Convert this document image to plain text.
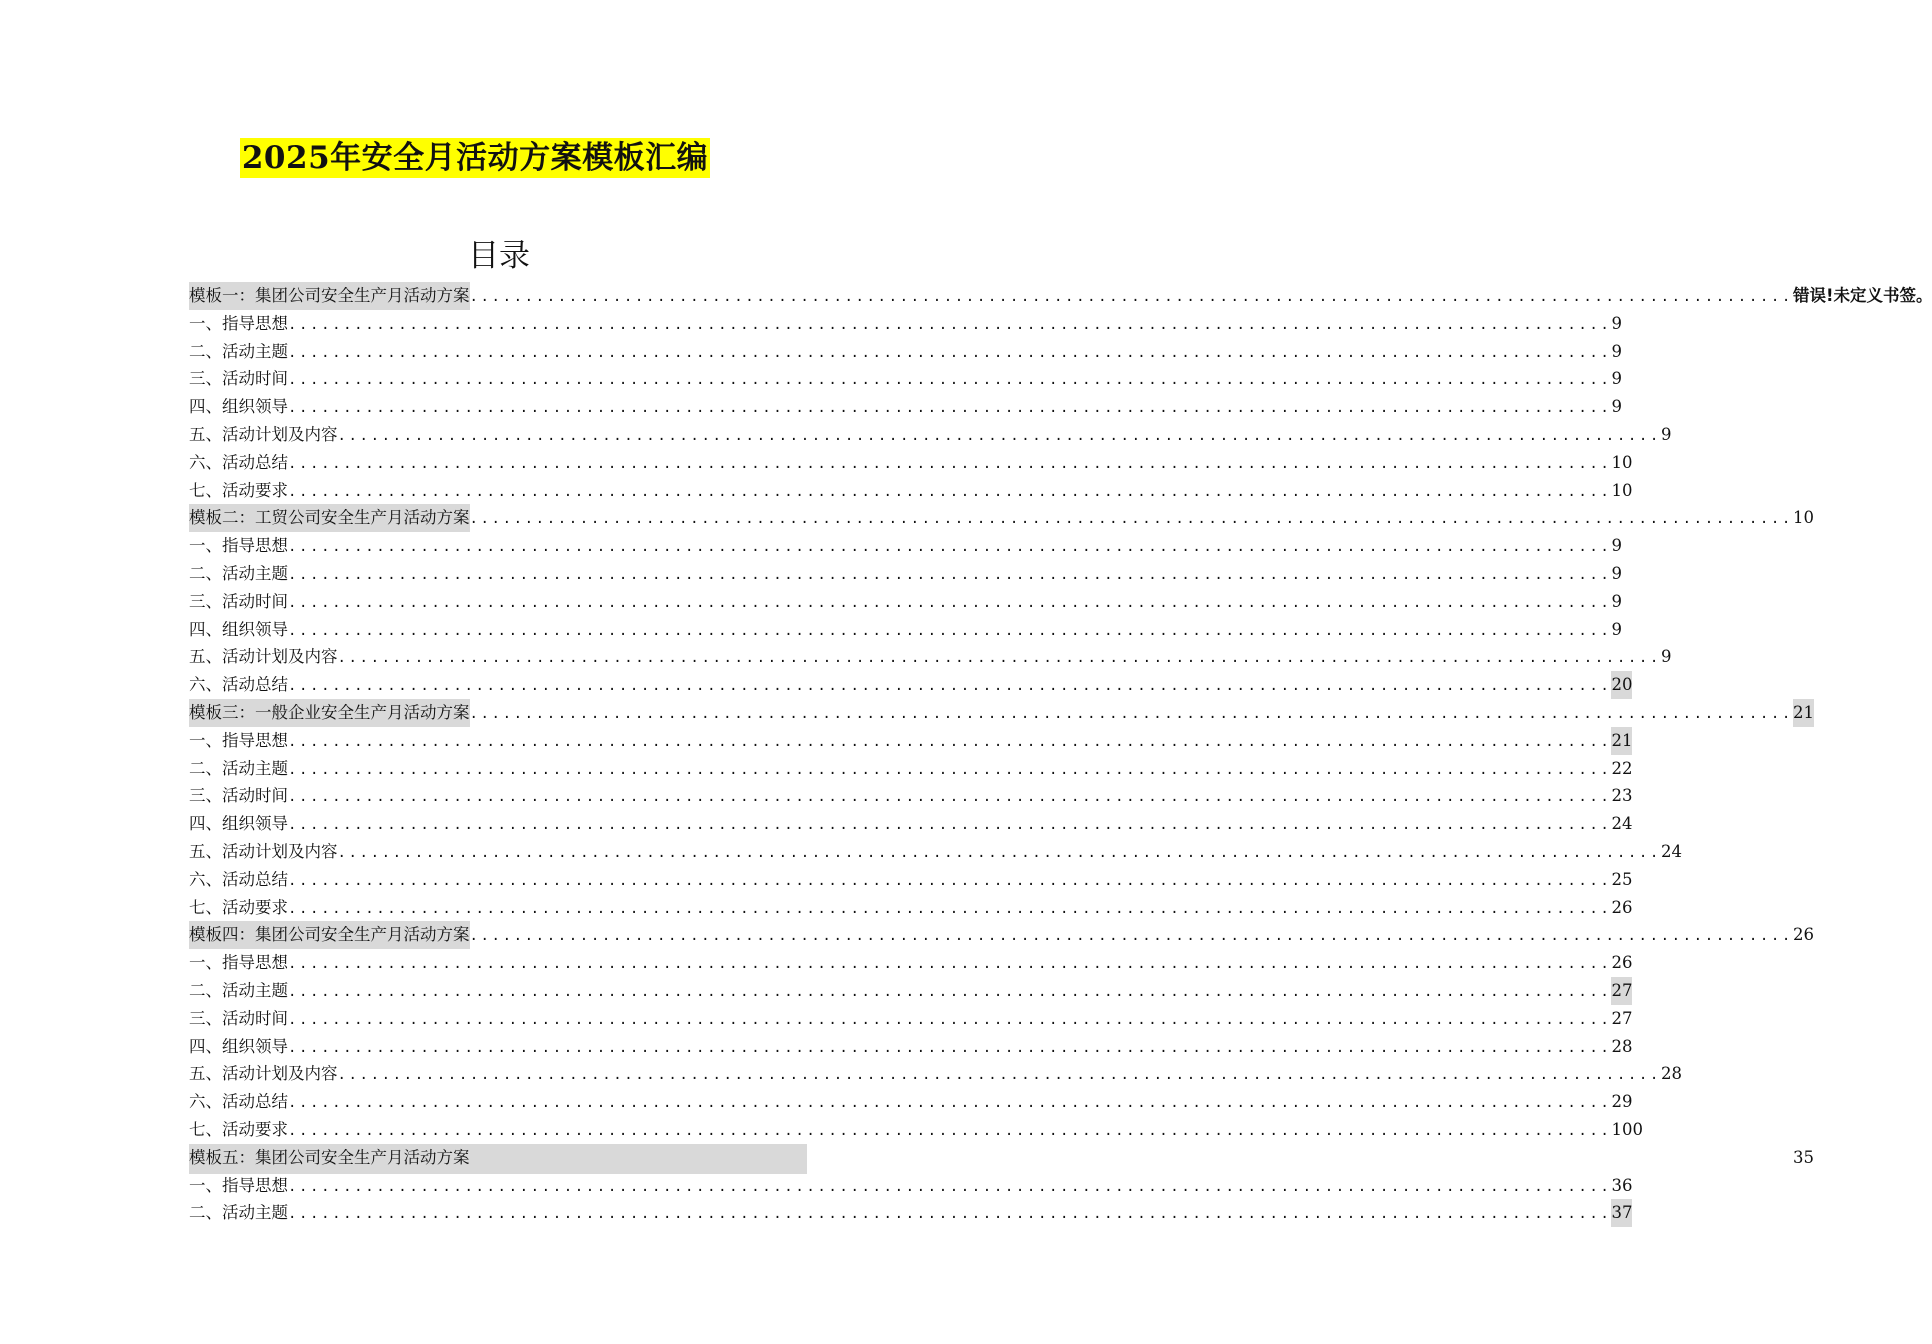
2025年安全月活动方案模板汇编
目录
模板一：集团公司安全生产月活动方案 ........................................................................................................................ 错误!未定义书签。
一、指导思想 ........................................................................................................................ 9
二、活动主题 ........................................................................................................................ 9
三、活动时间 ........................................................................................................................ 9
四、组织领导 ........................................................................................................................ 9
五、活动计划及内容 ........................................................................................................................ 9
六、活动总结 ........................................................................................................................ 10
七、活动要求 ........................................................................................................................ 10
模板二：工贸公司安全生产月活动方案 ........................................................................................................................ 10
一、指导思想 ........................................................................................................................ 9
二、活动主题 ........................................................................................................................ 9
三、活动时间 ........................................................................................................................ 9
四、组织领导 ........................................................................................................................ 9
五、活动计划及内容 ........................................................................................................................ 9
六、活动总结 ........................................................................................................................ 20
模板三：一般企业安全生产月活动方案 ........................................................................................................................ 21
一、指导思想 ........................................................................................................................ 21
二、活动主题 ........................................................................................................................ 22
三、活动时间 ........................................................................................................................ 23
四、组织领导 ........................................................................................................................ 24
五、活动计划及内容 ........................................................................................................................ 24
六、活动总结 ........................................................................................................................ 25
七、活动要求 ........................................................................................................................ 26
模板四：集团公司安全生产月活动方案 ........................................................................................................................ 26
一、指导思想 ........................................................................................................................ 26
二、活动主题 ........................................................................................................................ 27
三、活动时间 ........................................................................................................................ 27
四、组织领导 ........................................................................................................................ 28
五、活动计划及内容 ........................................................................................................................ 28
六、活动总结 ........................................................................................................................ 29
七、活动要求 ........................................................................................................................ 100
模板五：集团公司安全生产月活动方案	35
一、指导思想 ........................................................................................................................ 36
二、活动主题 ........................................................................................................................ 37
